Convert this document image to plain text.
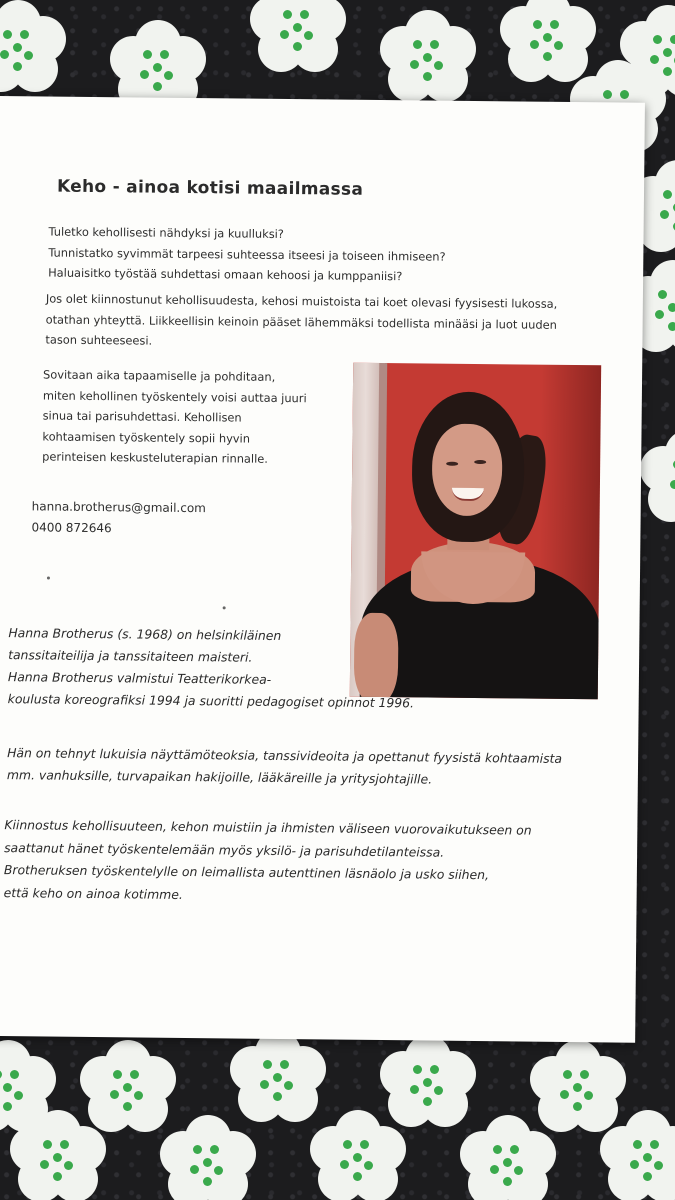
Keho - ainoa kotisi maailmassa

Tuletko kehollisesti nähdyksi ja kuulluksi?
Tunnistatko syvimmät tarpeesi suhteessa itseesi ja toiseen ihmiseen?
Haluaisitko työstää suhdettasi omaan kehoosi ja kumppaniisi?

Jos olet kiinnostunut kehollisuudesta, kehosi muistoista tai koet olevasi fyysisesti lukossa,
otathan yhteyttä. Liikkeellisin keinoin pääset lähemmäksi todellista minääsi ja luot uuden
tason suhteeseesi.

Sovitaan aika tapaamiselle ja pohditaan,
miten kehollinen työskentely voisi auttaa juuri
sinua tai parisuhdettasi. Kehollisen
kohtaamisen työskentely sopii hyvin
perinteisen keskusteluterapian rinnalle.

hanna.brotherus@gmail.com
0400 872646

Hanna Brotherus (s. 1968) on helsinkiläinen
tanssitaiteilija ja tanssitaiteen maisteri.
Hanna Brotherus valmistui Teatterikorkea-
koulusta koreografiksi 1994 ja suoritti pedagogiset opinnot 1996.

Hän on tehnyt lukuisia näyttämöteoksia, tanssivideoita ja opettanut fyysistä kohtaamista
mm. vanhuksille, turvapaikan hakijoille, lääkäreille ja yritysjohtajille.

Kiinnostus kehollisuuteen, kehon muistiin ja ihmisten väliseen vuorovaikutukseen on
saattanut hänet työskentelemään myös yksilö- ja parisuhdetilanteissa.
Brotheruksen työskentelylle on leimallista autenttinen läsnäolo ja usko siihen,
että keho on ainoa kotimme.
